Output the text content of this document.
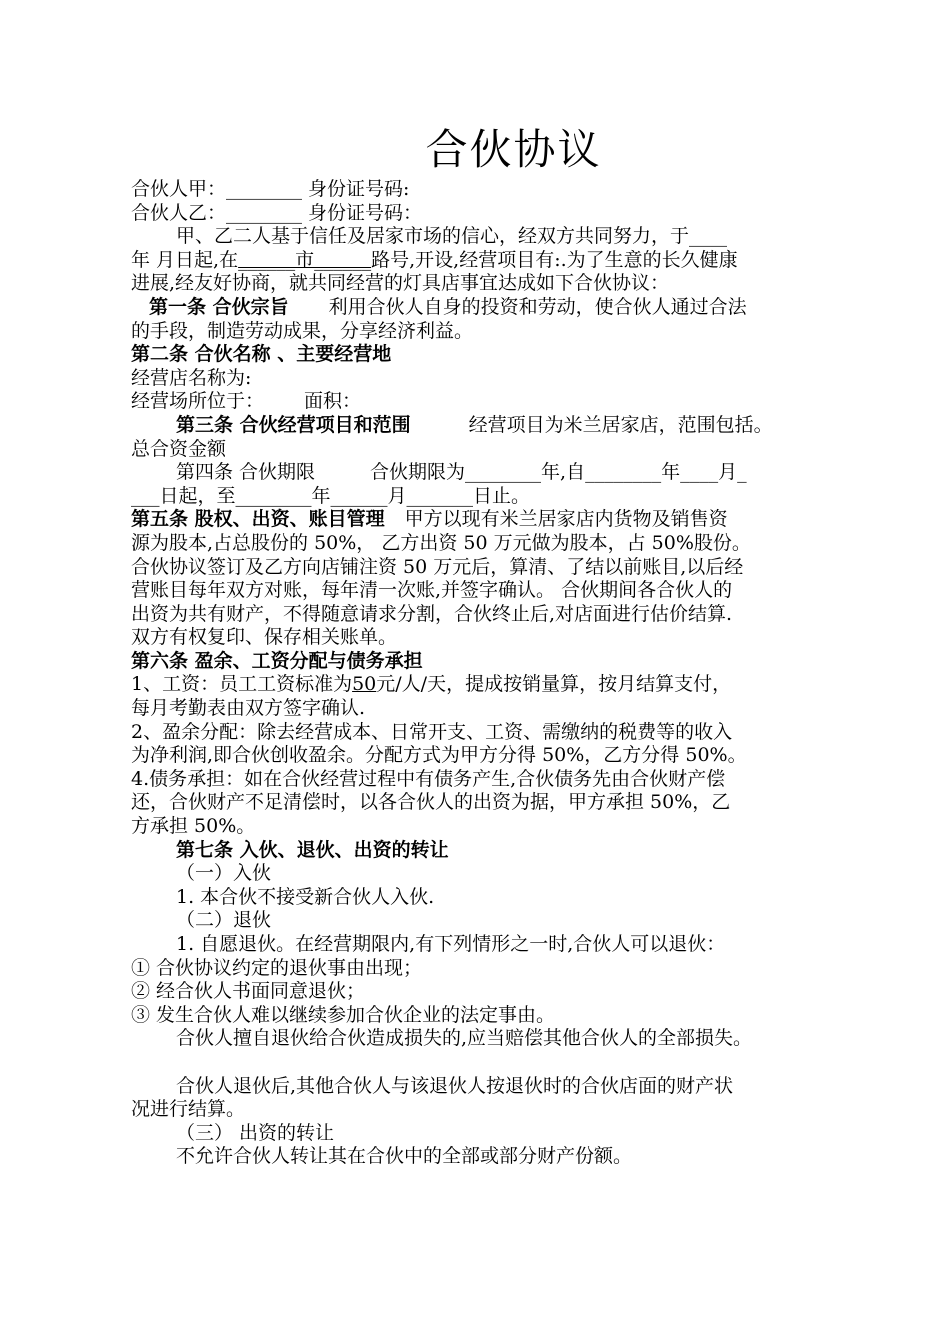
合伙协议
合伙人甲：________ 身份证号码:
合伙人乙：________ 身份证号码：
甲、乙二人基于信任及居家市场的信心，经双方共同努力，于____
年 月日起,在______市______路号,开设,经营项目有:.为了生意的长久健康
进展,经友好协商，就共同经营的灯具店事宜达成如下合伙协议：
第一条 合伙宗旨 利用合伙人自身的投资和劳动，使合伙人通过合法
的手段，制造劳动成果，分享经济利益。
第二条 合伙名称 、主要经营地
经营店名称为:
经营场所位于： 面积：
第三条 合伙经营项目和范围	经营项目为米兰居家店，范围包括。
总合资金额
第四条 合伙期限	合伙期限为________年,自________年____月_
___日起，至________年______月_______日止。
第五条 股权、出资、账目管理 甲方以现有米兰居家店内货物及销售资
源为股本,占总股份的 50%， 乙方出资 50 万元做为股本，占 50%股份。
合伙协议签订及乙方向店铺注资 50 万元后，算清、了结以前账目,以后经
营账目每年双方对账，每年清一次账,并签字确认。 合伙期间各合伙人的
出资为共有财产，不得随意请求分割，合伙终止后,对店面进行估价结算.
双方有权复印、保存相关账单。
第六条 盈余、工资分配与债务承担
1、工资：员工工资标准为50元/人/天，提成按销量算，按月结算支付，
每月考勤表由双方签字确认.
2、盈余分配：除去经营成本、日常开支、工资、需缴纳的税费等的收入
为净利润,即合伙创收盈余。分配方式为甲方分得 50%，乙方分得 50%。
4.债务承担：如在合伙经营过程中有债务产生,合伙债务先由合伙财产偿
还，合伙财产不足清偿时，以各合伙人的出资为据，甲方承担 50%，乙
方承担 50%。
第七条 入伙、退伙、出资的转让
（一）入伙
1. 本合伙不接受新合伙人入伙.
（二）退伙
1. 自愿退伙。在经营期限内,有下列情形之一时,合伙人可以退伙：
① 合伙协议约定的退伙事由出现；
② 经合伙人书面同意退伙；
③ 发生合伙人难以继续参加合伙企业的法定事由。
合伙人擅自退伙给合伙造成损失的,应当赔偿其他合伙人的全部损失。
合伙人退伙后,其他合伙人与该退伙人按退伙时的合伙店面的财产状
况进行结算。
（三） 出资的转让
不允许合伙人转让其在合伙中的全部或部分财产份额。
